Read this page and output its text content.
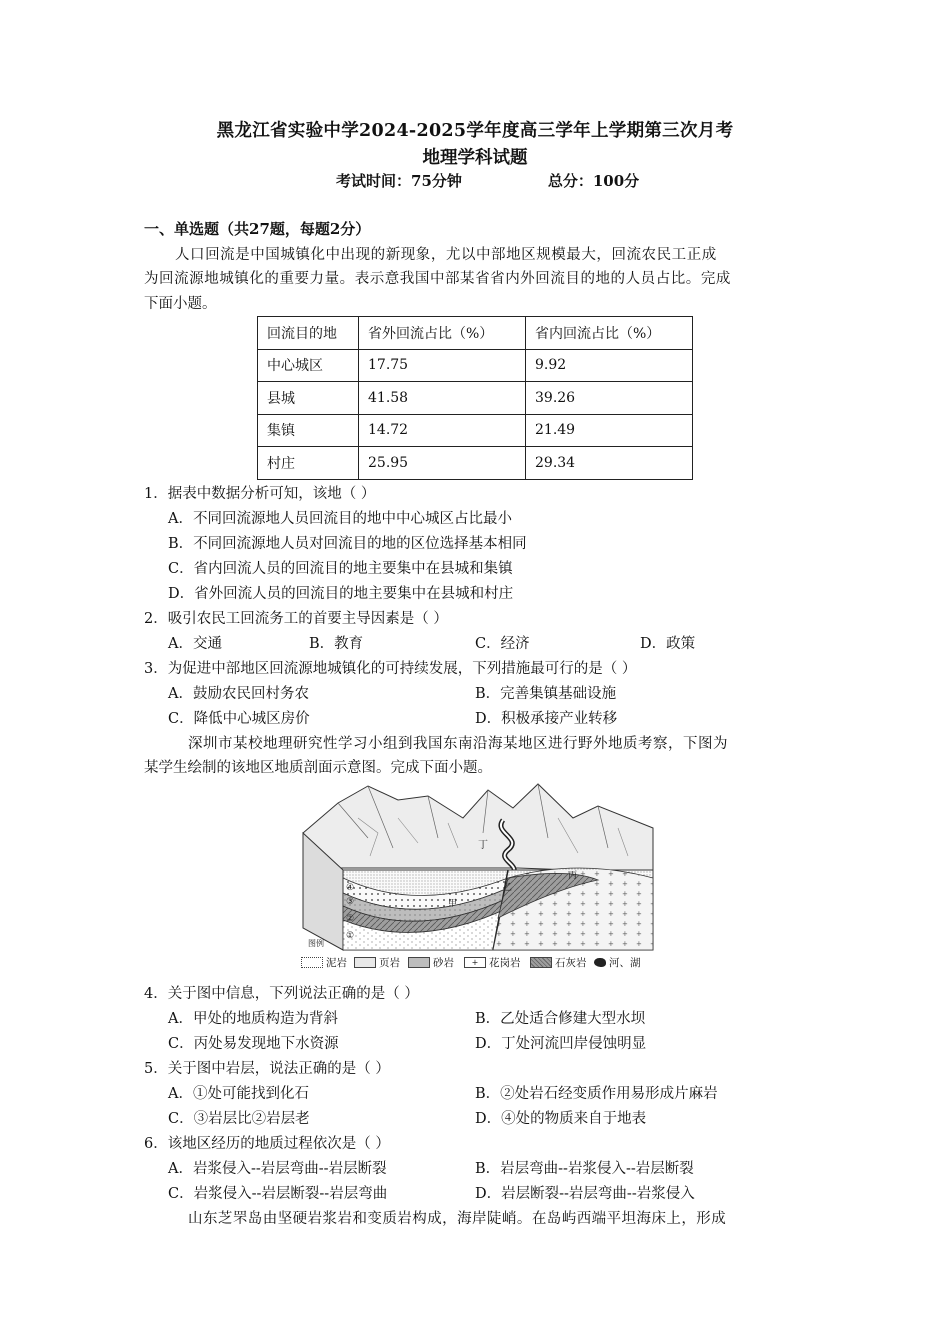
黑龙江省实验中学2024-2025学年度高三学年上学期第三次月考
地理学科试题
考试时间：75分钟	总分：100分
一、单选题（共27题，每题2分）
人口回流是中国城镇化中出现的新现象，尤以中部地区规模最大，回流农民工正成
为回流源地城镇化的重要力量。表示意我国中部某省省内外回流目的地的人员占比。完成
下面小题。
回流目的地	省外回流占比（%）	省内回流占比（%）
中心城区	17.75	9.92
县城	41.58	39.26
集镇	14.72	21.49
村庄	25.95	29.34
1．据表中数据分析可知，该地（ ）
A．不同回流源地人员回流目的地中中心城区占比最小
B．不同回流源地人员对回流目的地的区位选择基本相同
C．省内回流人员的回流目的地主要集中在县城和集镇
D．省外回流人员的回流目的地主要集中在县城和村庄
2．吸引农民工回流务工的首要主导因素是（ ）
A．交通	B．教育	C．经济	D．政策
3．为促进中部地区回流源地城镇化的可持续发展，下列措施最可行的是（ ）
A．鼓励农民回村务农	B．完善集镇基础设施
C．降低中心城区房价	D．积极承接产业转移
深圳市某校地理研究性学习小组到我国东南沿海某地区进行野外地质考察，下图为
某学生绘制的该地区地质剖面示意图。完成下面小题。
丁
乙
甲
丙
④
③
②
①
图例
泥岩	页岩	砂岩	+	花岗岩	石灰岩 河、湖
4．关于图中信息，下列说法正确的是（ ）
A．甲处的地质构造为背斜	B．乙处适合修建大型水坝
C．丙处易发现地下水资源	D．丁处河流凹岸侵蚀明显
5．关于图中岩层，说法正确的是（ ）
A．①处可能找到化石	B．②处岩石经变质作用易形成片麻岩
C．③岩层比②岩层老	D．④处的物质来自于地表
6．该地区经历的地质过程依次是（ ）
A．岩浆侵入--岩层弯曲--岩层断裂	B．岩层弯曲--岩浆侵入--岩层断裂
C．岩浆侵入--岩层断裂--岩层弯曲	D．岩层断裂--岩层弯曲--岩浆侵入
山东芝罘岛由坚硬岩浆岩和变质岩构成，海岸陡峭。在岛屿西端平坦海床上，形成
